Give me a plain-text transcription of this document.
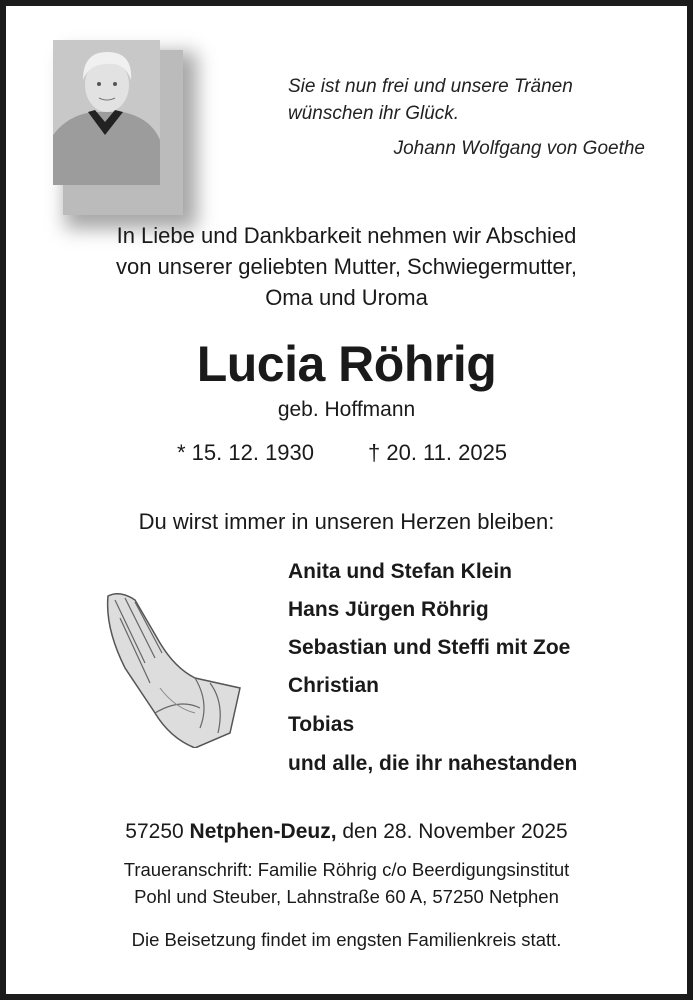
Sie ist nun frei und unsere Tränen
wünschen ihr Glück.
Johann Wolfgang von Goethe
In Liebe und Dankbarkeit nehmen wir Abschied
von unserer geliebten Mutter, Schwiegermutter,
Oma und Uroma
Lucia Röhrig
geb. Hoffmann
* 15. 12. 1930 † 20. 11. 2025
Du wirst immer in unseren Herzen bleiben:
Anita und Stefan Klein
Hans Jürgen Röhrig
Sebastian und Steffi mit Zoe
Christian
Tobias
und alle, die ihr nahestanden
57250 Netphen-Deuz, den 28. November 2025
Traueranschrift: Familie Röhrig c/o Beerdigungsinstitut
Pohl und Steuber, Lahnstraße 60 A, 57250 Netphen
Die Beisetzung findet im engsten Familienkreis statt.
